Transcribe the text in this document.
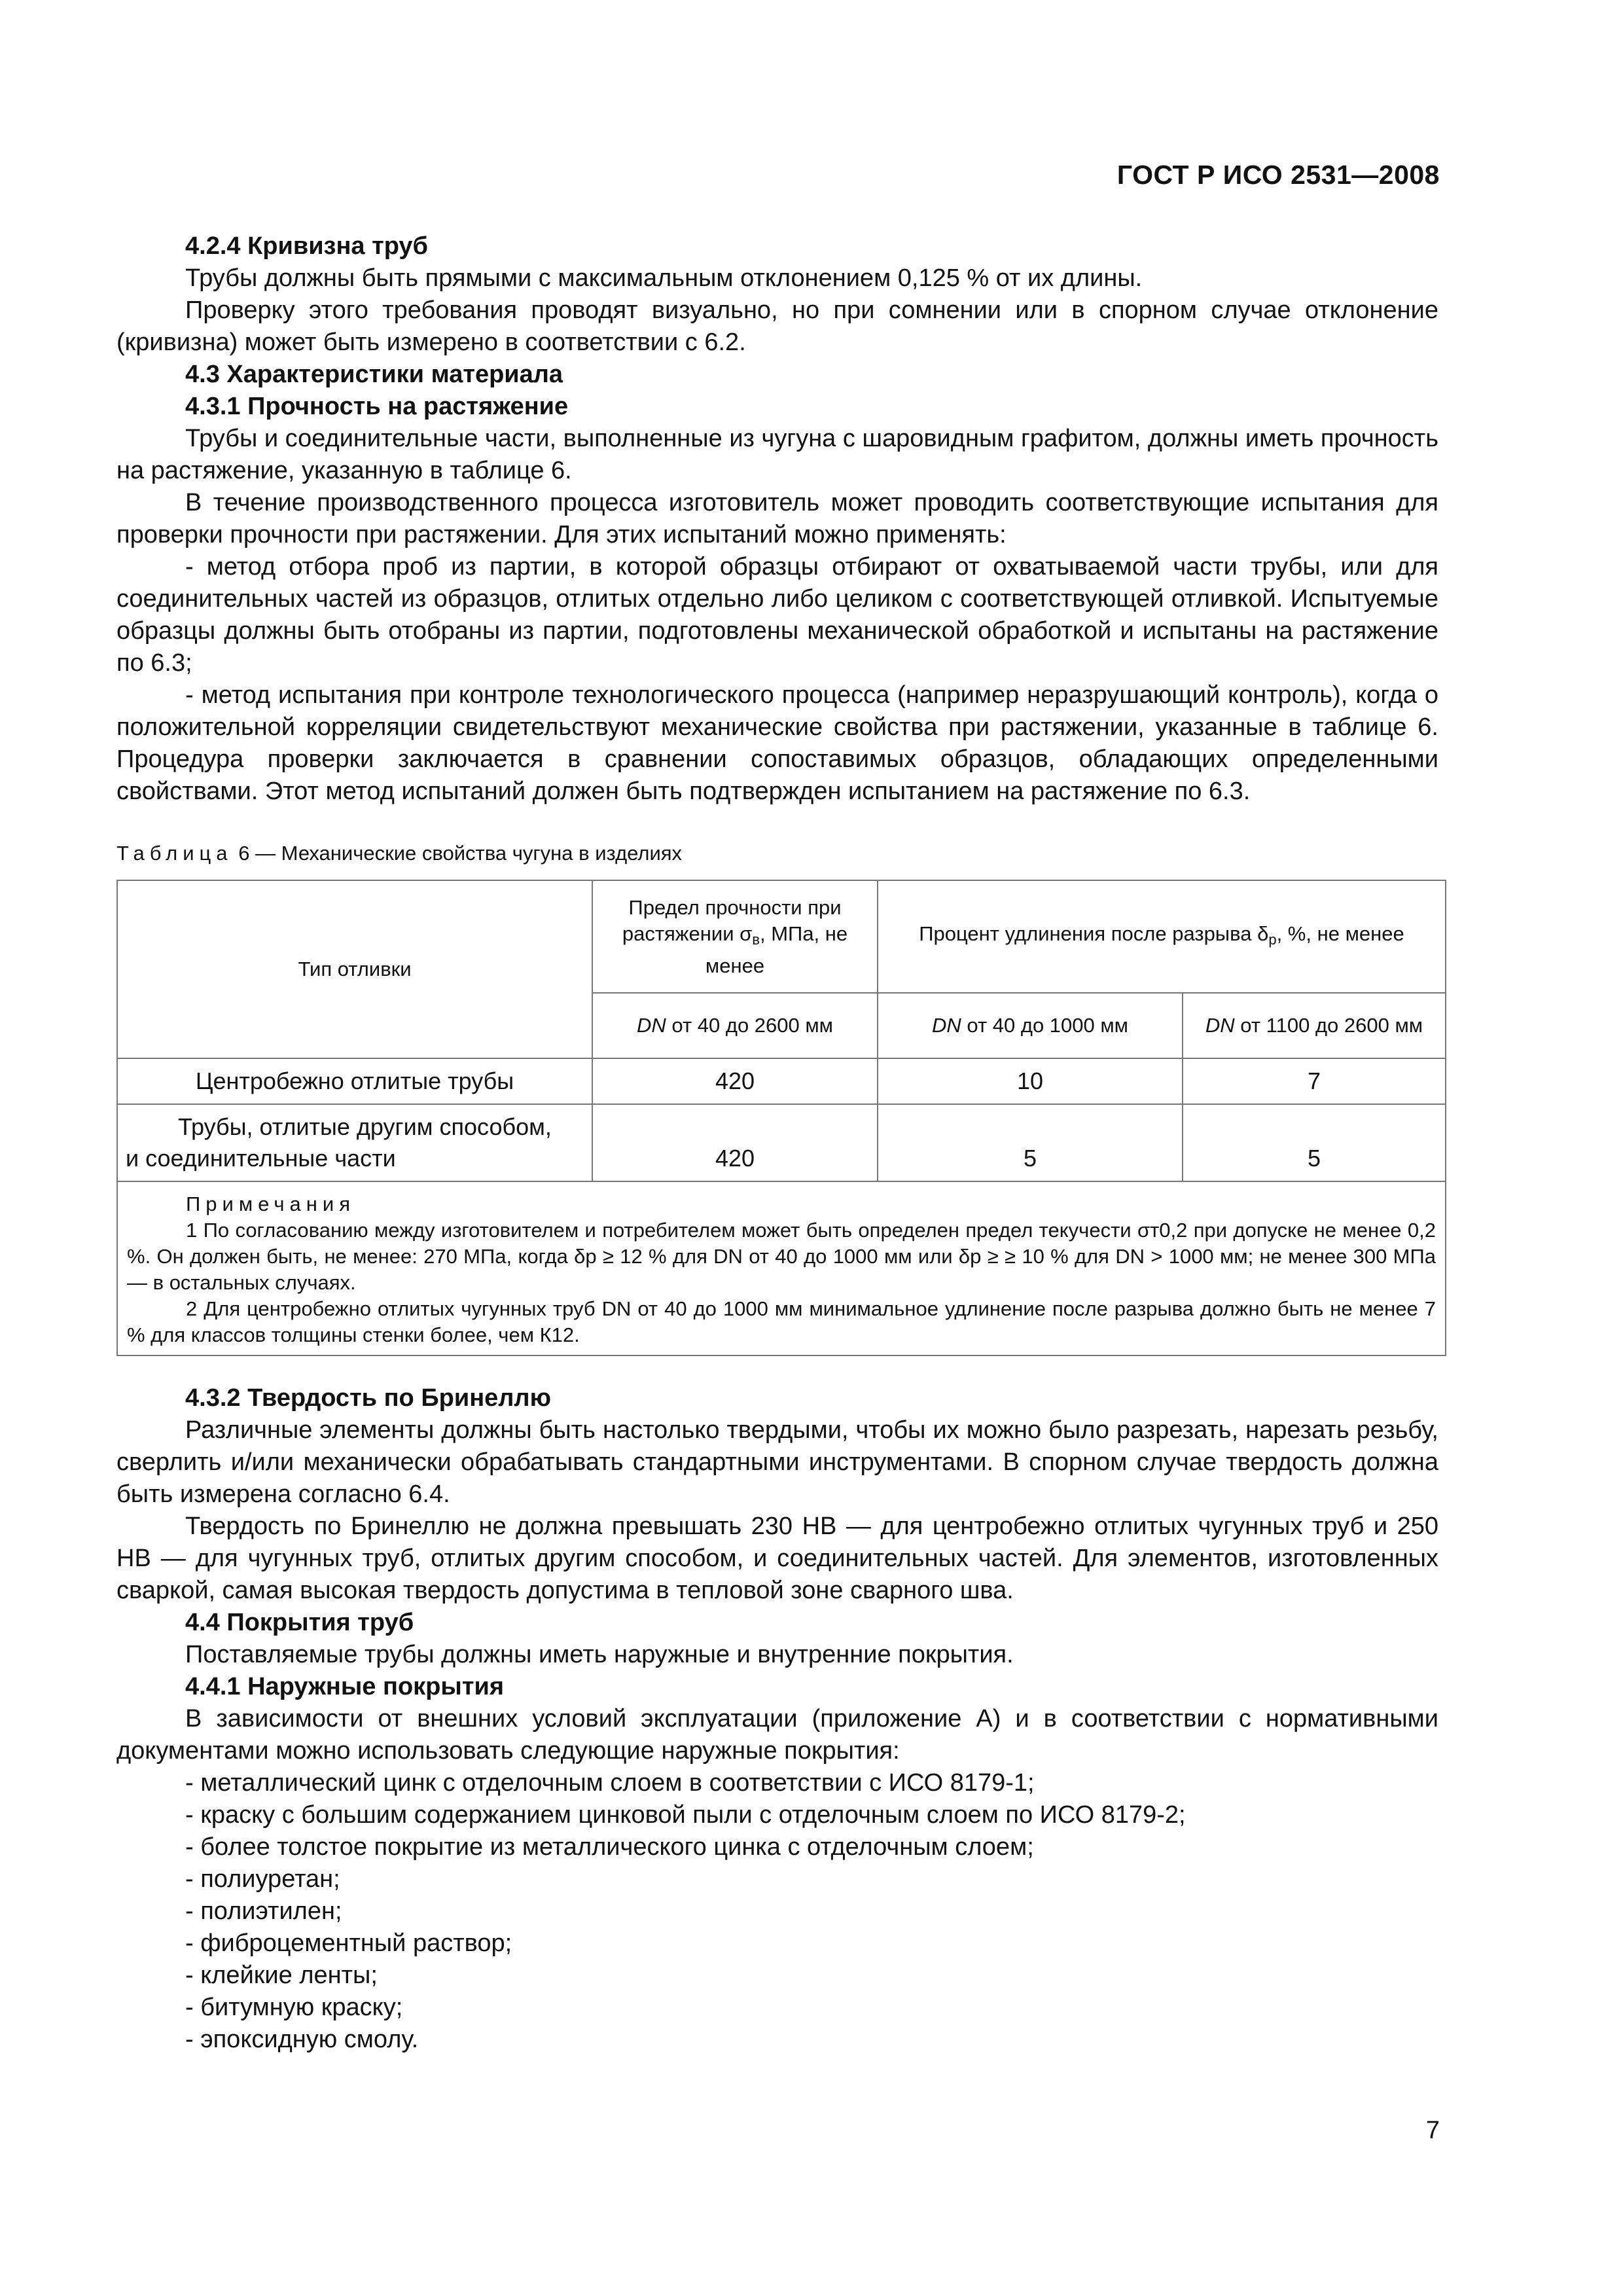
ГОСТ Р ИСО 2531—2008

4.2.4 Кривизна труб

Трубы должны быть прямыми с максимальным отклонением 0,125 % от их длины.

Проверку этого требования проводят визуально, но при сомнении или в спорном случае отклонение (кривизна) может быть измерено в соответствии с 6.2.

4.3 Характеристики материала

4.3.1 Прочность на растяжение

Трубы и соединительные части, выполненные из чугуна с шаровидным графитом, должны иметь прочность на растяжение, указанную в таблице 6.

В течение производственного процесса изготовитель может проводить соответствующие испытания для проверки прочности при растяжении. Для этих испытаний можно применять:

- метод отбора проб из партии, в которой образцы отбирают от охватываемой части трубы, или для соединительных частей из образцов, отлитых отдельно либо целиком с соответствующей отливкой. Испытуемые образцы должны быть отобраны из партии, подготовлены механической обработкой и испытаны на растяжение по 6.3;

- метод испытания при контроле технологического процесса (например неразрушающий контроль), когда о положительной корреляции свидетельствуют механические свойства при растяжении, указанные в таблице 6. Процедура проверки заключается в сравнении сопоставимых образцов, обладающих определенными свойствами. Этот метод испытаний должен быть подтвержден испытанием на растяжение по 6.3.

Таблица 6 — Механические свойства чугуна в изделиях
Тип отливки	Предел прочности при растяжении $\sigma_в$, МПа, не менее	Процент удлинения после разрыва $\delta_р$, %, не менее	
	DN от 40 до 2600 мм	DN от 40 до 1000 мм	DN от 1100 до 2600 мм
Центробежно отлитые трубы	420	10	7

Трубы, отлитые другим способом,
и соединительные части	420	5	5

Примечания

1 По согласованию между изготовителем и потребителем может быть определен предел текучести σт0,2 при допуске не менее 0,2 %. Он должен быть, не менее: 270 МПа, когда δр ≥ 12 % для DN от 40 до 1000 мм или δр ≥ ≥ 10 % для DN > 1000 мм; не менее 300 МПа — в остальных случаях.

2 Для центробежно отлитых чугунных труб DN от 40 до 1000 мм минимальное удлинение после разрыва должно быть не менее 7 % для классов толщины стенки более, чем К12.			

4.3.2 Твердость по Бринеллю

Различные элементы должны быть настолько твердыми, чтобы их можно было разрезать, нарезать резьбу, сверлить и/или механически обрабатывать стандартными инструментами. В спорном случае твердость должна быть измерена согласно 6.4.

Твердость по Бринеллю не должна превышать 230 НВ — для центробежно отлитых чугунных труб и 250 НВ — для чугунных труб, отлитых другим способом, и соединительных частей. Для элементов, изготовленных сваркой, самая высокая твердость допустима в тепловой зоне сварного шва.

4.4 Покрытия труб

Поставляемые трубы должны иметь наружные и внутренние покрытия.

4.4.1 Наружные покрытия

В зависимости от внешних условий эксплуатации (приложение А) и в соответствии с нормативными документами можно использовать следующие наружные покрытия:

- металлический цинк с отделочным слоем в соответствии с ИСО 8179-1;

- краску с большим содержанием цинковой пыли с отделочным слоем по ИСО 8179-2;

- более толстое покрытие из металлического цинка с отделочным слоем;

- полиуретан;

- полиэтилен;

- фиброцементный раствор;

- клейкие ленты;

- битумную краску;

- эпоксидную смолу.

7
